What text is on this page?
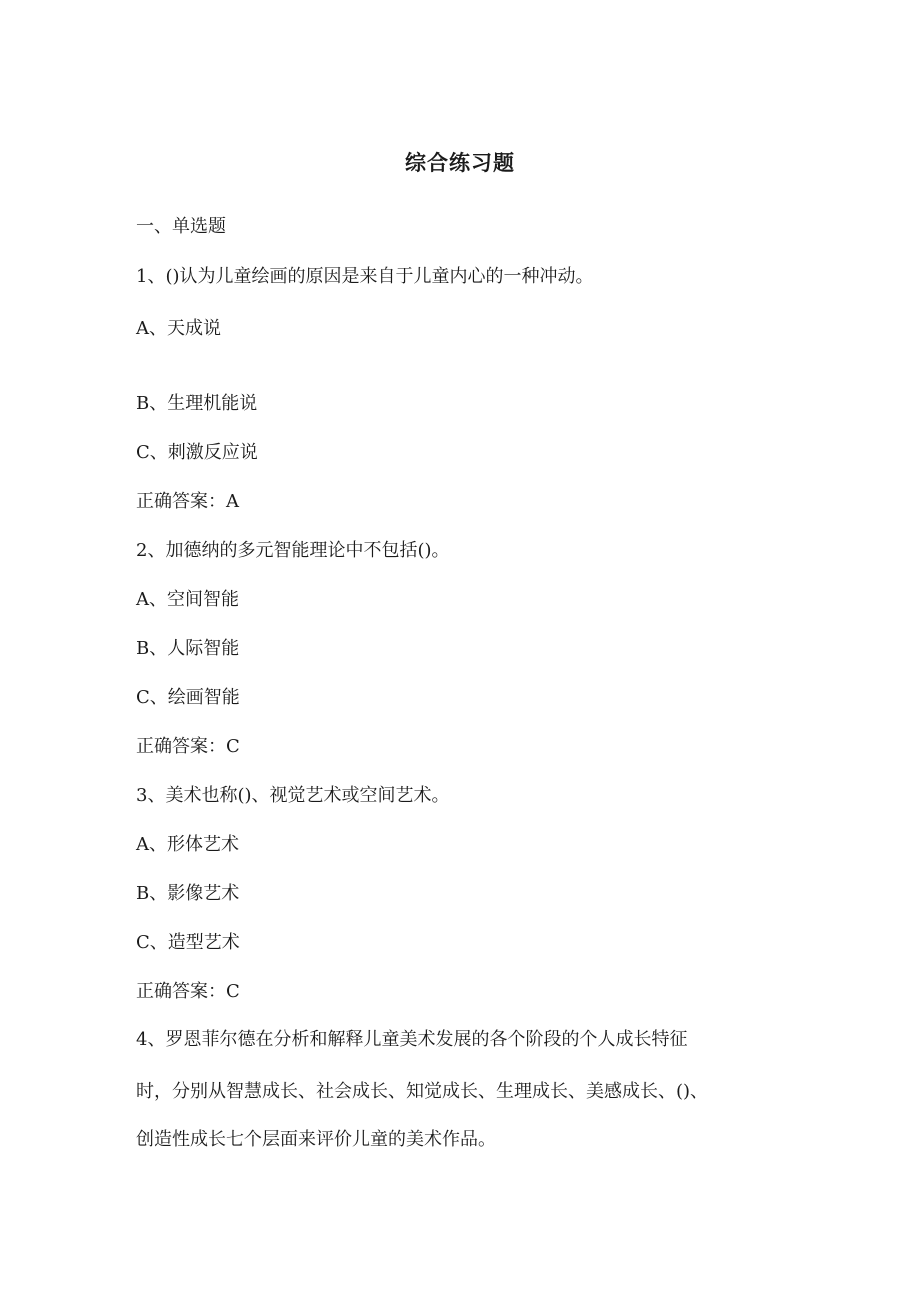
综合练习题

一、单选题

1、()认为儿童绘画的原因是来自于儿童内心的一种冲动。

A、天成说

B、生理机能说

C、刺激反应说

正确答案：A

2、加德纳的多元智能理论中不包括()。

A、空间智能

B、人际智能

C、绘画智能

正确答案：C

3、美术也称()、视觉艺术或空间艺术。

A、形体艺术

B、影像艺术

C、造型艺术

正确答案：C

4、罗恩菲尔德在分析和解释儿童美术发展的各个阶段的个人成长特征

时，分别从智慧成长、社会成长、知觉成长、生理成长、美感成长、()、

创造性成长七个层面来评价儿童的美术作品。
